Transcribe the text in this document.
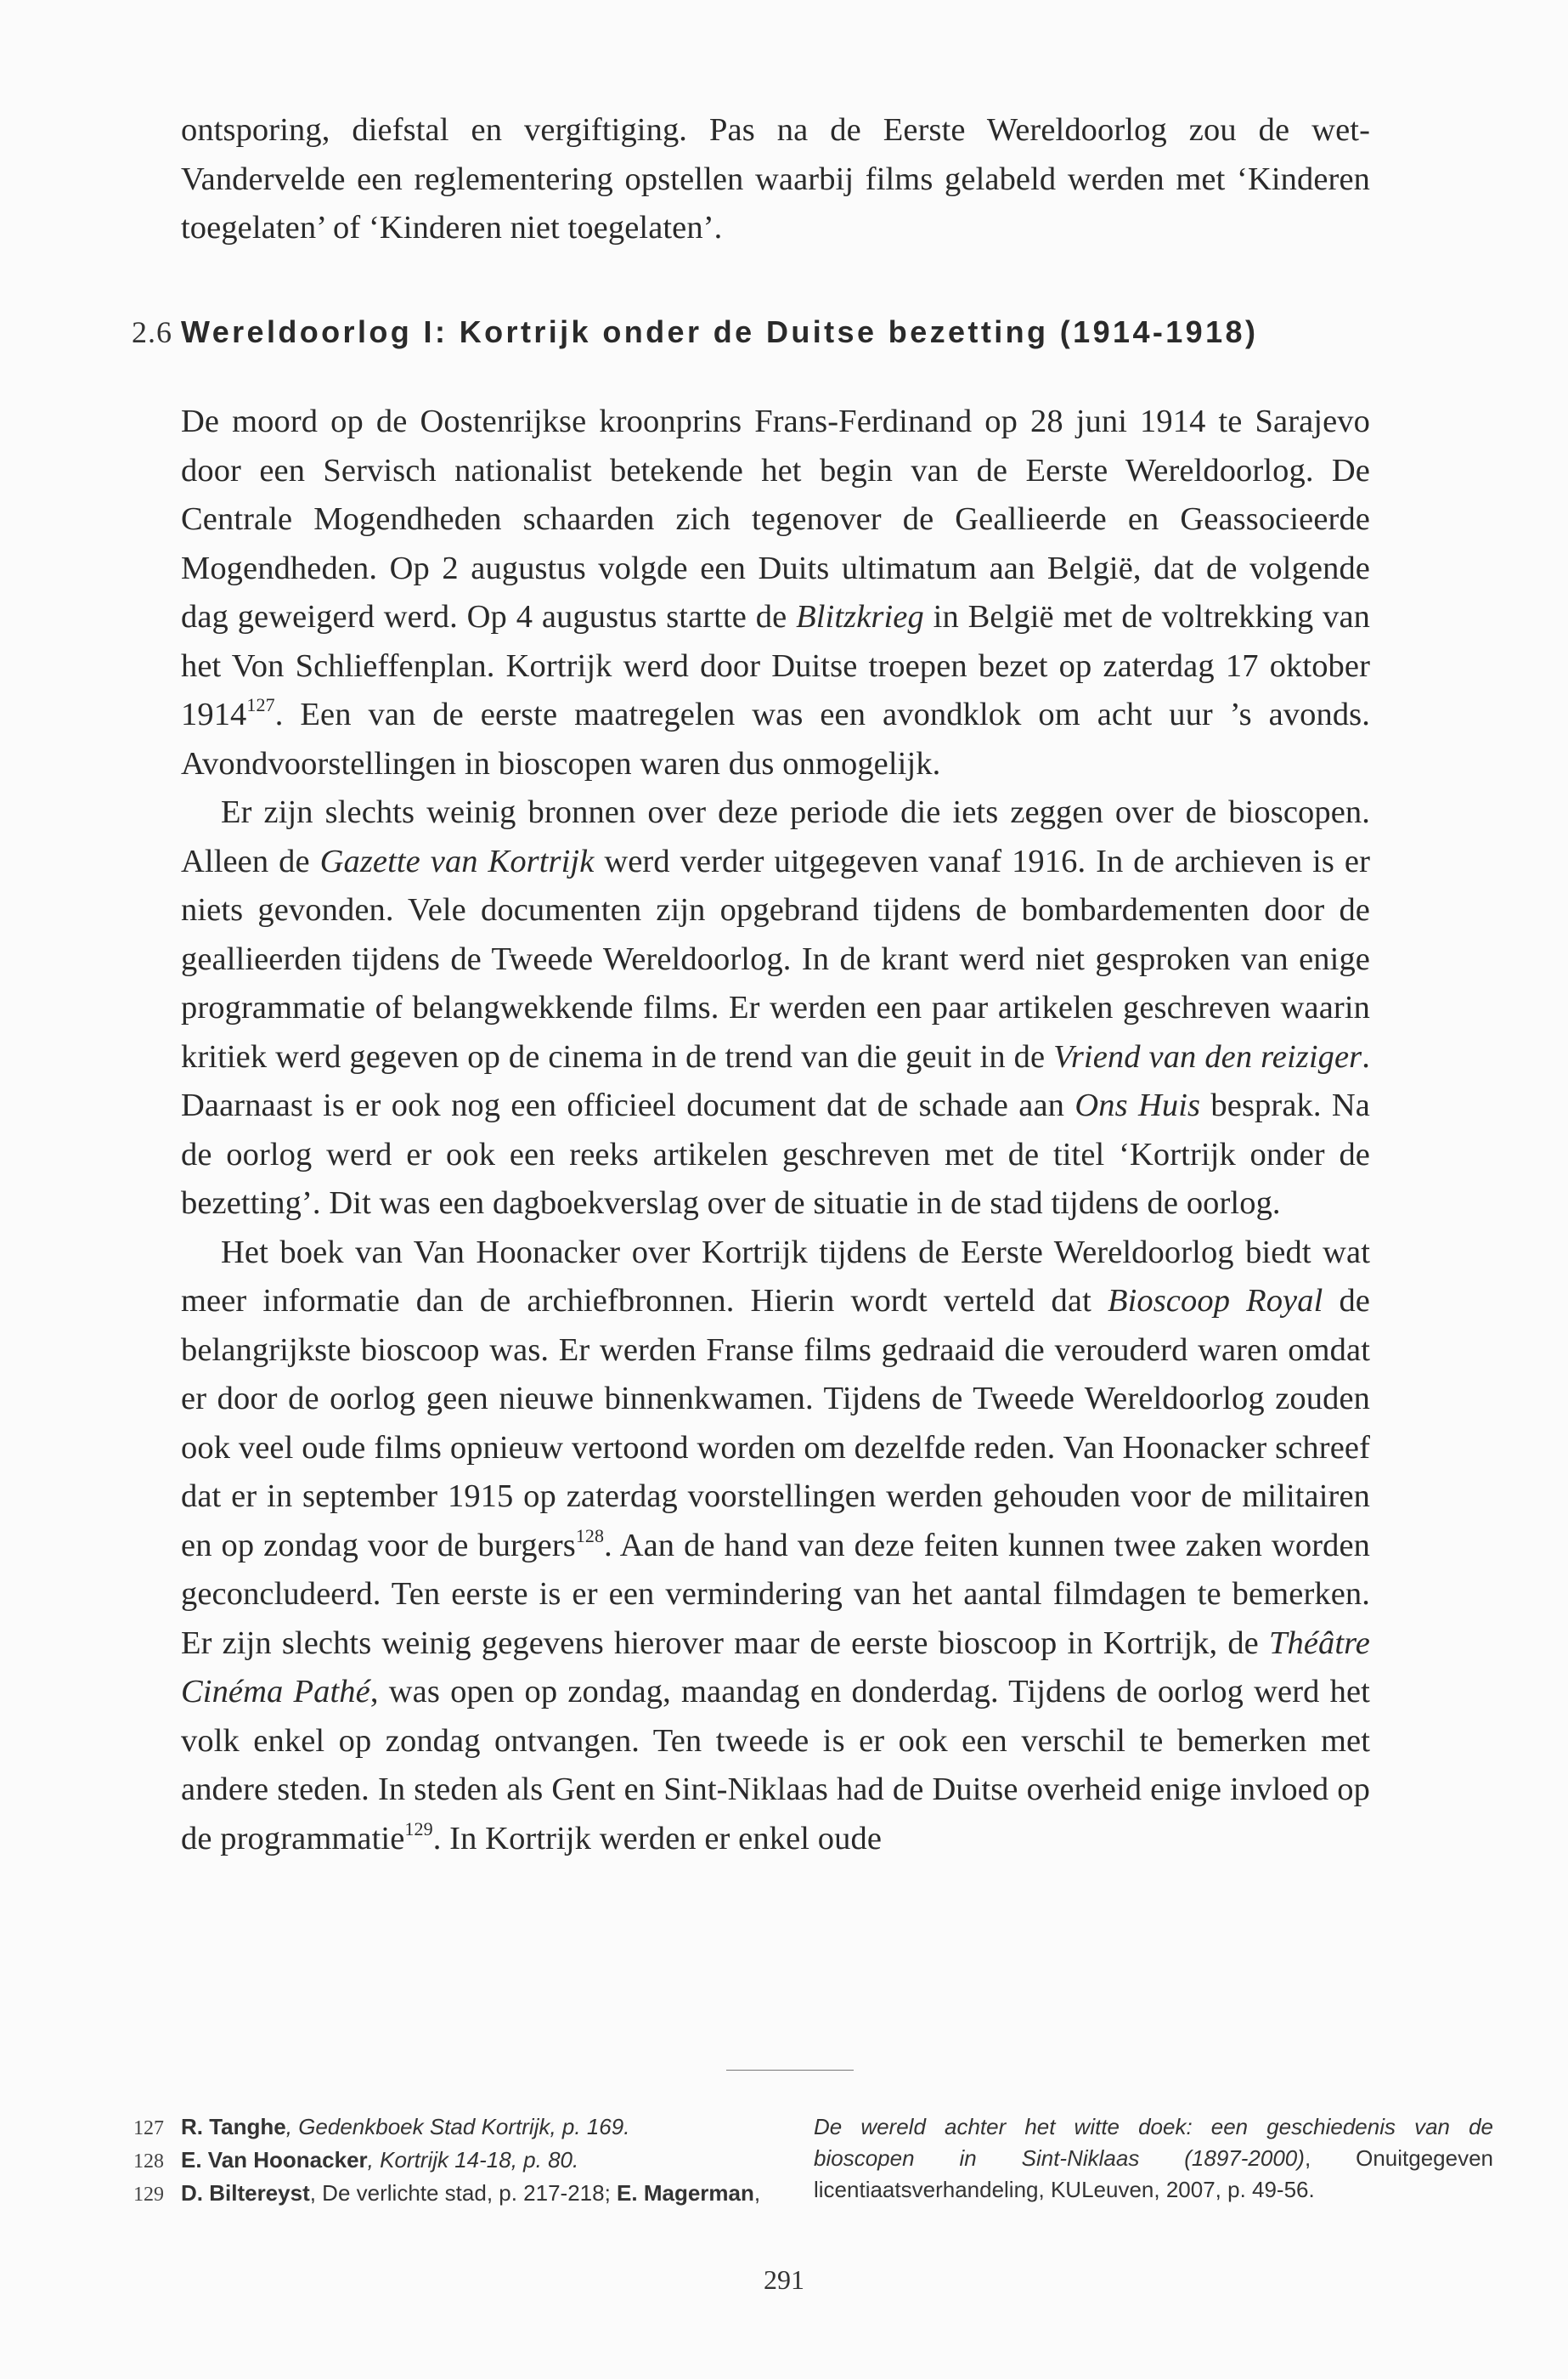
ontsporing, diefstal en vergiftiging. Pas na de Eerste Wereldoorlog zou de wet-Vandervelde een reglementering opstellen waarbij films gelabeld werden met ‘Kinderen toegelaten’ of ‘Kinderen niet toegelaten’.

2.6 Wereldoorlog I: Kortrijk onder de Duitse bezetting (1914-1918)

De moord op de Oostenrijkse kroonprins Frans-Ferdinand op 28 juni 1914 te Sarajevo door een Servisch nationalist betekende het begin van de Eerste Wereldoorlog. De Centrale Mogendheden schaarden zich tegenover de Geallieerde en Geassocieerde Mogendheden. Op 2 augustus volgde een Duits ultimatum aan België, dat de volgende dag geweigerd werd. Op 4 augustus startte de Blitzkrieg in België met de voltrekking van het Von Schlieffenplan. Kortrijk werd door Duitse troepen bezet op zaterdag 17 oktober 1914$^{127}$. Een van de eerste maatregelen was een avondklok om acht uur ’s avonds. Avondvoorstellingen in bioscopen waren dus onmogelijk.

Er zijn slechts weinig bronnen over deze periode die iets zeggen over de bioscopen. Alleen de Gazette van Kortrijk werd verder uitgegeven vanaf 1916. In de archieven is er niets gevonden. Vele documenten zijn opgebrand tijdens de bombardementen door de geallieerden tijdens de Tweede Wereldoorlog. In de krant werd niet gesproken van enige programmatie of belangwekkende films. Er werden een paar artikelen geschreven waarin kritiek werd gegeven op de cinema in de trend van die geuit in de Vriend van den reiziger. Daarnaast is er ook nog een officieel document dat de schade aan Ons Huis besprak. Na de oorlog werd er ook een reeks artikelen geschreven met de titel ‘Kortrijk onder de bezetting’. Dit was een dagboekverslag over de situatie in de stad tijdens de oorlog.

Het boek van Van Hoonacker over Kortrijk tijdens de Eerste Wereldoorlog biedt wat meer informatie dan de archiefbronnen. Hierin wordt verteld dat Bioscoop Royal de belangrijkste bioscoop was. Er werden Franse films gedraaid die verouderd waren omdat er door de oorlog geen nieuwe binnenkwamen. Tijdens de Tweede Wereldoorlog zouden ook veel oude films opnieuw vertoond worden om dezelfde reden. Van Hoonacker schreef dat er in september 1915 op zaterdag voorstellingen werden gehouden voor de militairen en op zondag voor de burgers$^{128}$. Aan de hand van deze feiten kunnen twee zaken worden geconcludeerd. Ten eerste is er een vermindering van het aantal filmdagen te bemerken. Er zijn slechts weinig gegevens hierover maar de eerste bioscoop in Kortrijk, de Théâtre Cinéma Pathé, was open op zondag, maandag en donderdag. Tijdens de oorlog werd het volk enkel op zondag ontvangen. Ten tweede is er ook een verschil te bemerken met andere steden. In steden als Gent en Sint-Niklaas had de Duitse overheid enige invloed op de programmatie$^{129}$. In Kortrijk werden er enkel oude

127 R. Tanghe, Gedenkboek Stad Kortrijk, p. 169.
128 E. Van Hoonacker, Kortrijk 14-18, p. 80.
129 D. Biltereyst, De verlichte stad, p. 217-218; E. Magerman,
De wereld achter het witte doek: een geschiedenis van de
bioscopen in Sint-Niklaas (1897-2000), Onuitgegeven
licentiaatsverhandeling, KULeuven, 2007, p. 49-56.
291
